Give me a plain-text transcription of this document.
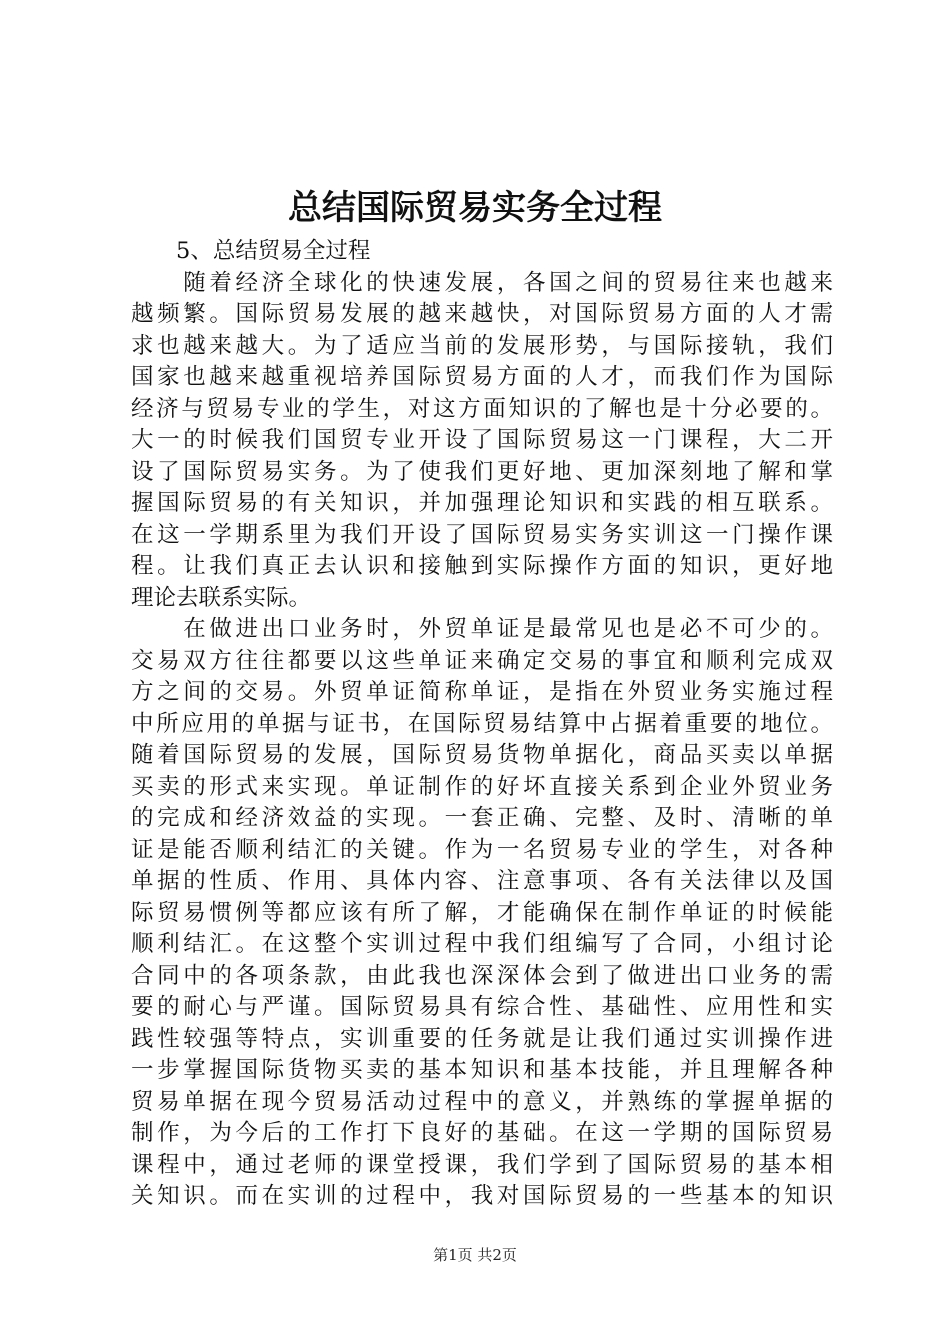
总结国际贸易实务全过程
5、总结贸易全过程
　　随着经济全球化的快速发展，各国之间的贸易往来也越来
越频繁。国际贸易发展的越来越快，对国际贸易方面的人才需
求也越来越大。为了适应当前的发展形势，与国际接轨，我们
国家也越来越重视培养国际贸易方面的人才，而我们作为国际
经济与贸易专业的学生，对这方面知识的了解也是十分必要的。
大一的时候我们国贸专业开设了国际贸易这一门课程，大二开
设了国际贸易实务。为了使我们更好地、更加深刻地了解和掌
握国际贸易的有关知识，并加强理论知识和实践的相互联系。
在这一学期系里为我们开设了国际贸易实务实训这一门操作课
程。让我们真正去认识和接触到实际操作方面的知识，更好地
理论去联系实际。
　　在做进出口业务时，外贸单证是最常见也是必不可少的。
交易双方往往都要以这些单证来确定交易的事宜和顺利完成双
方之间的交易。外贸单证简称单证，是指在外贸业务实施过程
中所应用的单据与证书，在国际贸易结算中占据着重要的地位。
随着国际贸易的发展，国际贸易货物单据化，商品买卖以单据
买卖的形式来实现。单证制作的好坏直接关系到企业外贸业务
的完成和经济效益的实现。一套正确、完整、及时、清晰的单
证是能否顺利结汇的关键。作为一名贸易专业的学生，对各种
单据的性质、作用、具体内容、注意事项、各有关法律以及国
际贸易惯例等都应该有所了解，才能确保在制作单证的时候能
顺利结汇。在这整个实训过程中我们组编写了合同，小组讨论
合同中的各项条款，由此我也深深体会到了做进出口业务的需
要的耐心与严谨。国际贸易具有综合性、基础性、应用性和实
践性较强等特点，实训重要的任务就是让我们通过实训操作进
一步掌握国际货物买卖的基本知识和基本技能，并且理解各种
贸易单据在现今贸易活动过程中的意义，并熟练的掌握单据的
制作，为今后的工作打下良好的基础。在这一学期的国际贸易
课程中，通过老师的课堂授课，我们学到了国际贸易的基本相
关知识。而在实训的过程中，我对国际贸易的一些基本的知识
第1页 共2页
